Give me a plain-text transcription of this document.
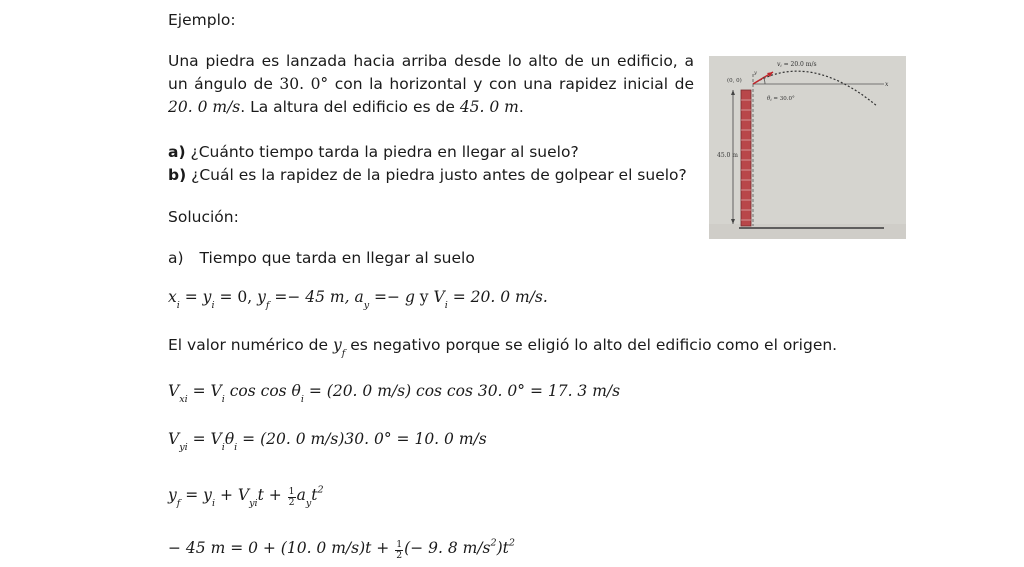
Ejemplo:
Una piedra es lanzada hacia arriba desde lo alto de un edificio, a un ángulo de 30. 0° con la horizontal y con una rapidez inicial de 20. 0 m/s. La altura del edificio es de 45. 0 m.
a) ¿Cuánto tiempo tarda la piedra en llegar al suelo?
b) ¿Cuál es la rapidez de la piedra justo antes de golpear el suelo?
Solución:
a) Tiempo que tarda en llegar al suelo
$x_i = y_i = 0$, $y_f =- 45$ m, $a_y =- g$ y $V_i = 20$. 0 m/s.
El valor numérico de $y_f$ es negativo porque se eligió lo alto del edificio como el origen.
$V_{xi} = V_i$ $\cos \cos \theta_i = (20$. 0 m/s) cos cos 30. 0° = 17. 3 m/s
$V_{yi} = V_i\theta_i = (20$. 0 m/s)30. 0° = 10. 0 m/s
$y_f = y_i + V_{yi}t + \frac{1}{2} a_yt^2$
− 45 m = 0 + (10. 0 $m/s)t + \frac{1}{2}$ (− 9. 8 $m/s^2)t^2$
vi = 20.0 m/s
y
x
(0, 0)
θi = 30.0°
45.0 m
